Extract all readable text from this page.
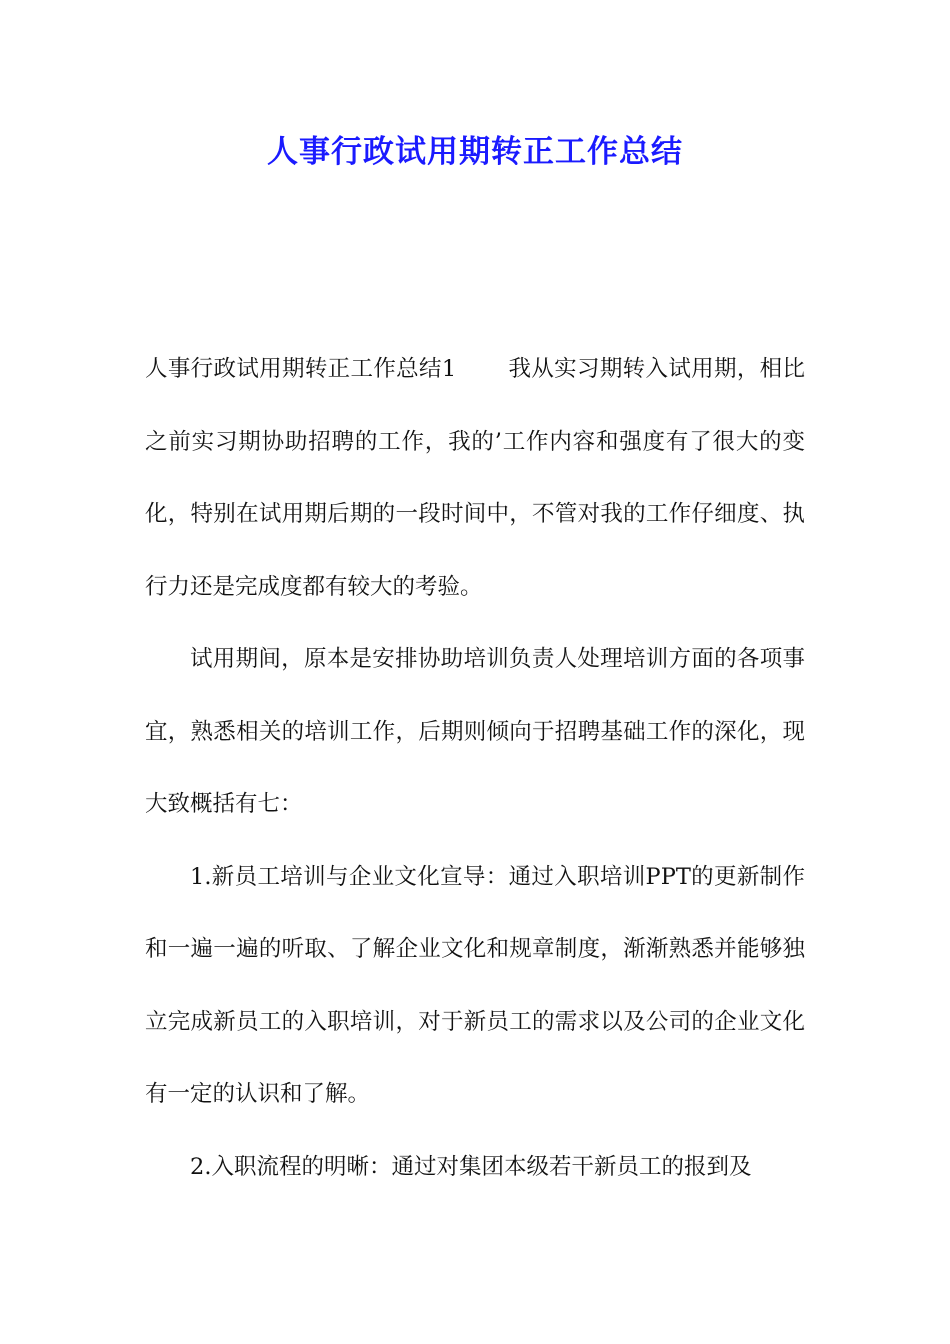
人事行政试用期转正工作总结

人事行政试用期转正工作总结1 我从实习期转入试用期，相比之前实习期协助招聘的工作，我的’工作内容和强度有了很大的变化，特别在试用期后期的一段时间中，不管对我的工作仔细度、执行力还是完成度都有较大的考验。

试用期间，原本是安排协助培训负责人处理培训方面的各项事宜，熟悉相关的培训工作，后期则倾向于招聘基础工作的深化，现大致概括有七：

1.新员工培训与企业文化宣导：通过入职培训PPT的更新制作和一遍一遍的听取、了解企业文化和规章制度，渐渐熟悉并能够独立完成新员工的入职培训，对于新员工的需求以及公司的企业文化有一定的认识和了解。

2.入职流程的明晰：通过对集团本级若干新员工的报到及
